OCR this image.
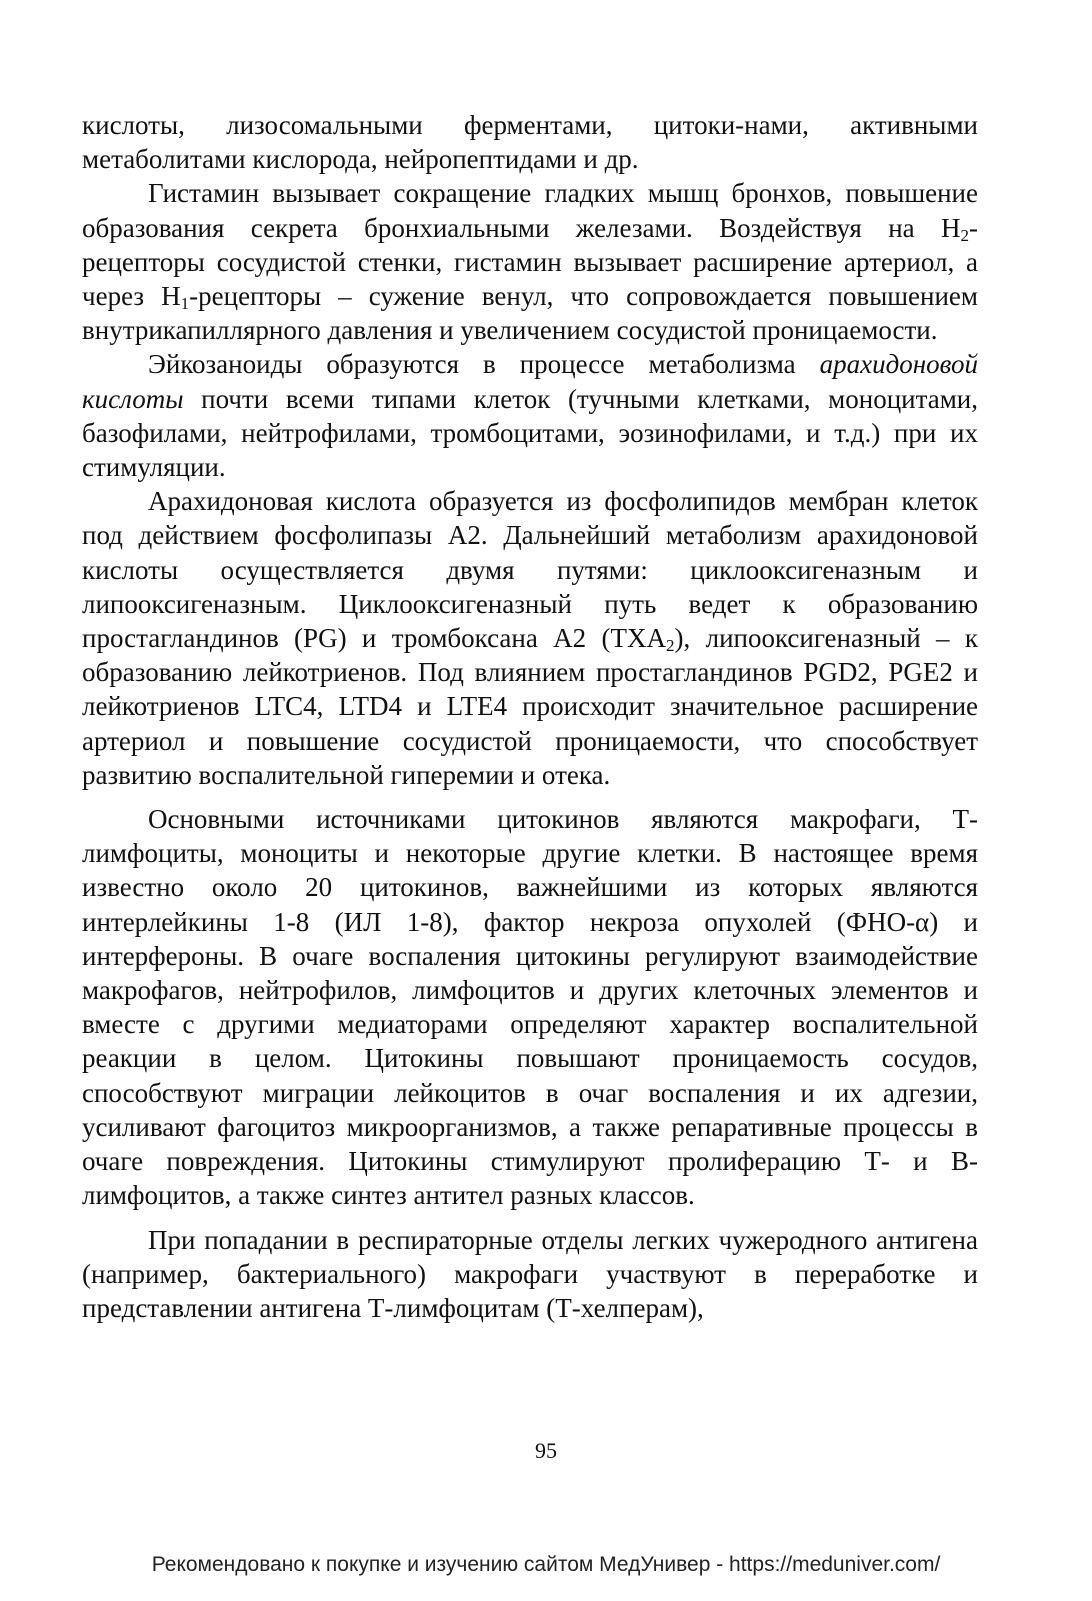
кислоты, лизосомальными ферментами, цитоки-нами, активными метаболитами кислорода, нейропептидами и др.

Гистамин вызывает сокращение гладких мышц бронхов, повышение образования секрета бронхиальными железами. Воздействуя на $H_2$-рецепторы сосудистой стенки, гистамин вызывает расширение артериол, а через $H_1$-рецепторы – сужение венул, что сопровождается повышением внутрикапиллярного давления и увеличением сосудистой проницаемости.

Эйкозаноиды образуются в процессе метаболизма арахидоновой кислоты почти всеми типами клеток (тучными клетками, моноцитами, базофилами, нейтрофилами, тромбоцитами, эозинофилами, и т.д.) при их стимуляции.

Арахидоновая кислота образуется из фосфолипидов мембран клеток под действием фосфолипазы А2. Дальнейший метаболизм арахидоновой кислоты осуществляется двумя путями: циклооксигеназным и липооксигеназным. Циклооксигеназный путь ведет к образованию простагландинов (PG) и тромбоксана А2 $(TXA_2)$, липооксигеназный – к образованию лейкотриенов. Под влиянием простагландинов PGD2, PGE2 и лейкотриенов LTC4, LTD4 и LTE4 происходит значительное расширение артериол и повышение сосудистой проницаемости, что способствует развитию воспалительной гиперемии и отека.

Основными источниками цитокинов являются макрофаги, Т-лимфоциты, моноциты и некоторые другие клетки. В настоящее время известно около 20 цитокинов, важнейшими из которых являются интерлейкины 1-8 (ИЛ 1-8), фактор некроза опухолей (ФНО-α) и интерфероны. В очаге воспаления цитокины регулируют взаимодействие макрофагов, нейтрофилов, лимфоцитов и других клеточных элементов и вместе с другими медиаторами определяют характер воспалительной реакции в целом. Цитокины повышают проницаемость сосудов, способствуют миграции лейкоцитов в очаг воспаления и их адгезии, усиливают фагоцитоз микроорганизмов, а также репаративные процессы в очаге повреждения. Цитокины стимулируют пролиферацию Т- и В-лимфоцитов, а также синтез антител разных классов.

При попадании в респираторные отделы легких чужеродного антигена (например, бактериального) макрофаги участвуют в переработке и представлении антигена Т-лимфоцитам (Т-хелперам),

95
Рекомендовано к покупке и изучению сайтом МедУнивер - https://meduniver.com/
